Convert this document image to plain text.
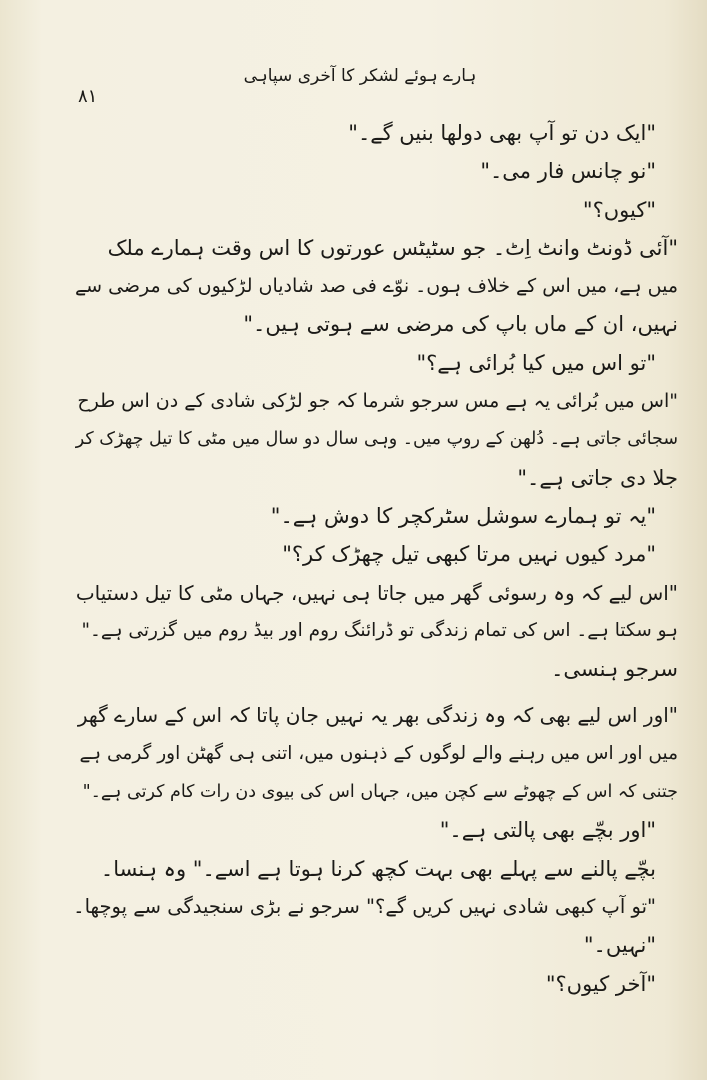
ہارے ہوئے لشکر کا آخری سپاہی
۸۱
"ایک دن تو آپ بھی دولھا بنیں گے۔"
"نو چانس فار می۔"
"کیوں؟"
"آئی ڈونٹ وانٹ اِٹ۔ جو سٹیٹس عورتوں کا اس وقت ہمارے ملک
میں ہے، میں اس کے خلاف ہوں۔ نوّے فی صد شادیاں لڑکیوں کی مرضی سے
نہیں، ان کے ماں باپ کی مرضی سے ہوتی ہیں۔"
"تو اس میں کیا بُرائی ہے؟"
"اس میں بُرائی یہ ہے مس سرجو شرما کہ جو لڑکی شادی کے دن اس طرح
سجائی جاتی ہے۔ دُلھن کے روپ میں۔ وہی سال دو سال میں مٹی کا تیل چھڑک کر
جلا دی جاتی ہے۔"
"یہ تو ہمارے سوشل سٹرکچر کا دوش ہے۔"
"مرد کیوں نہیں مرتا کبھی تیل چھڑک کر؟"
"اس لیے کہ وہ رسوئی گھر میں جاتا ہی نہیں، جہاں مٹی کا تیل دستیاب
ہو سکتا ہے۔ اس کی تمام زندگی تو ڈرائنگ روم اور بیڈ روم میں گزرتی ہے۔"
سرجو ہنسی۔
"اور اس لیے بھی کہ وہ زندگی بھر یہ نہیں جان پاتا کہ اس کے سارے گھر
میں اور اس میں رہنے والے لوگوں کے ذہنوں میں، اتنی ہی گھٹن اور گرمی ہے
جتنی کہ اس کے چھوٹے سے کچن میں، جہاں اس کی بیوی دن رات کام کرتی ہے۔"
"اور بچّے بھی پالتی ہے۔"
بچّے پالنے سے پہلے بھی بہت کچھ کرنا ہوتا ہے اسے۔" وہ ہنسا۔
"تو آپ کبھی شادی نہیں کریں گے؟" سرجو نے بڑی سنجیدگی سے پوچھا۔
"نہیں۔"
"آخر کیوں؟"
